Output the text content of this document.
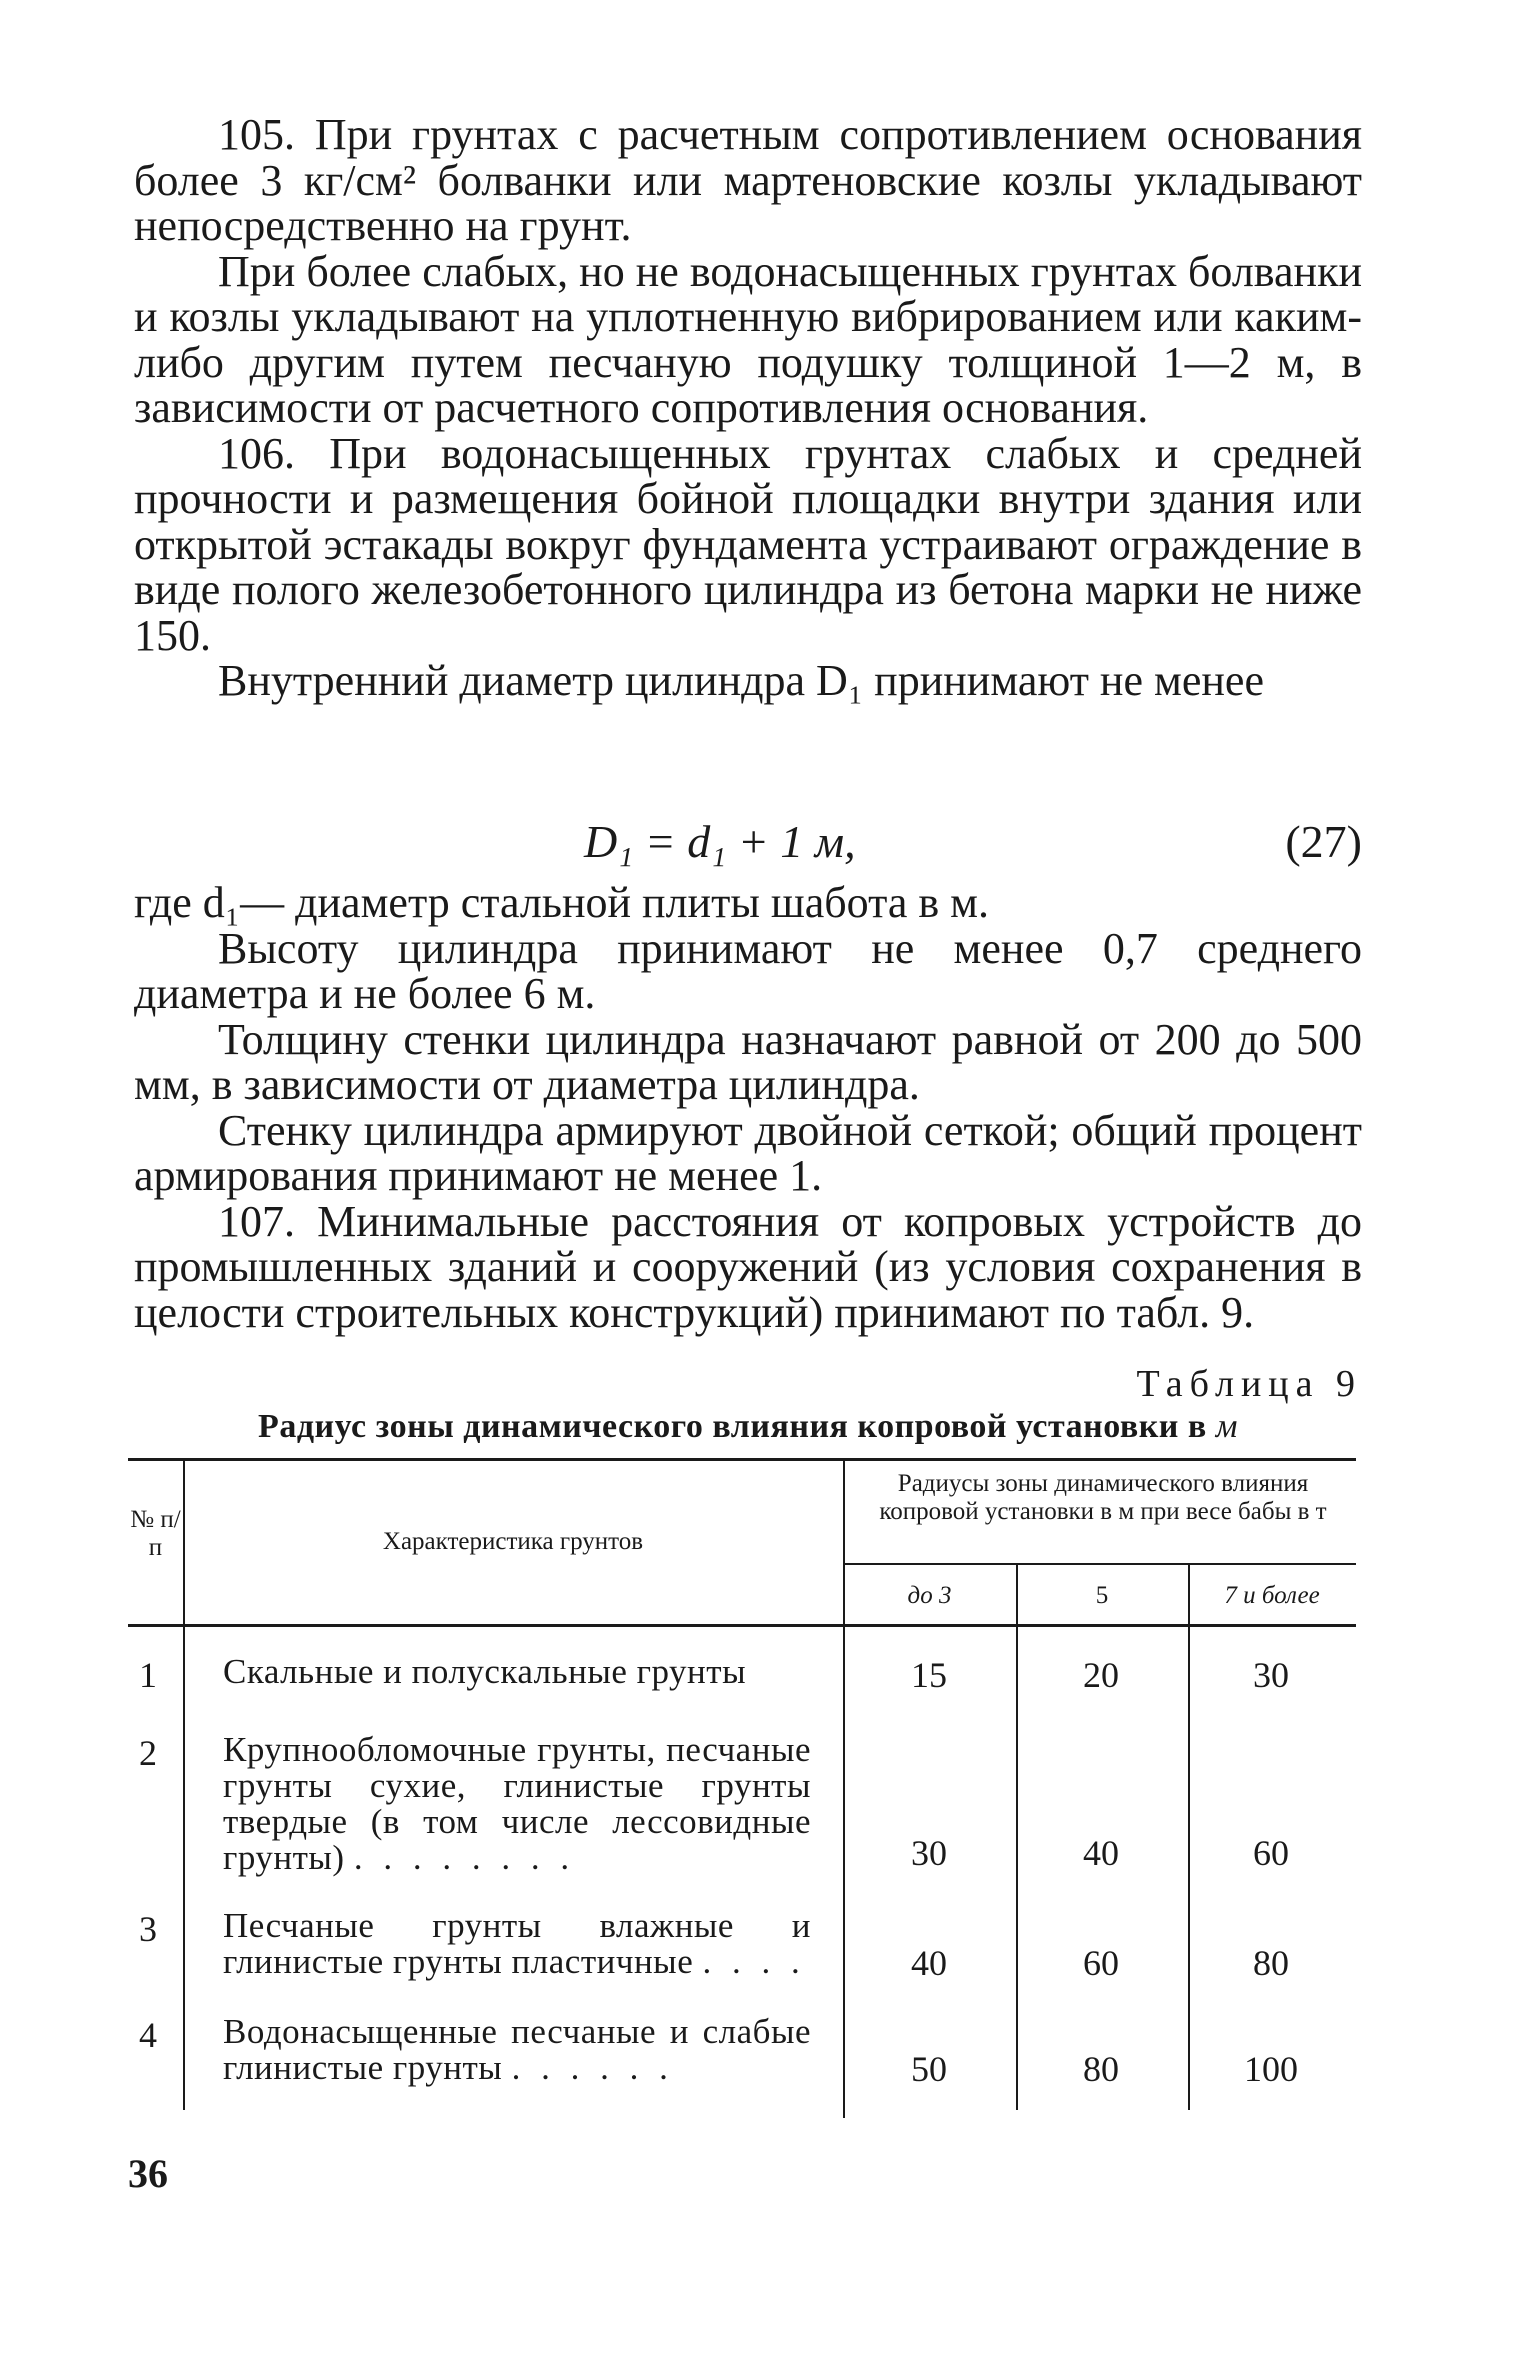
105. При грунтах с расчетным сопротивлением основания более 3 кг/см² болванки или мартеновские козлы укладывают непосредственно на грунт.

При более слабых, но не водонасыщенных грунтах болванки и козлы укладывают на уплотненную вибрированием или каким-либо другим путем песчаную подушку толщиной 1—2 м, в зависимости от расчетного сопротивления основания.

106. При водонасыщенных грунтах слабых и средней прочности и размещения бойной площадки внутри здания или открытой эстакады вокруг фундамента устраивают ограждение в виде полого железобетонного цилиндра из бетона марки не ниже 150.

Внутренний диаметр цилиндра D₁ принимают не менее

D₁ = d₁ + 1 м,	(27)

где d₁— диаметр стальной плиты шабота в м.

Высоту цилиндра принимают не менее 0,7 среднего диаметра и не более 6 м.

Толщину стенки цилиндра назначают равной от 200 до 500 мм, в зависимости от диаметра цилиндра.

Стенку цилиндра армируют двойной сеткой; общий процент армирования принимают не менее 1.

107. Минимальные расстояния от копровых устройств до промышленных зданий и сооружений (из условия сохранения в целости строительных конструкций) принимают по табл. 9.

Таблица 9
Радиус зоны динамического влияния копровой установки в м
№ п/п	Характеристика грунтов
Радиусы зоны динамического влияния копровой установки в м при весе бабы в т
до 3	5	7 и более
1	Скальные и полускальные грунты	15	20	30
2	Крупнообломочные грунты, песчаные грунты сухие, глинистые грунты твердые (в том числе лессовидные грунты) . . . . . . . .	30	40	60
3	Песчаные грунты влажные и глинистые грунты пластичные . . . .	40	60	80
4	Водонасыщенные песчаные и слабые глинистые грунты . . . . . .	50	80	100
36
